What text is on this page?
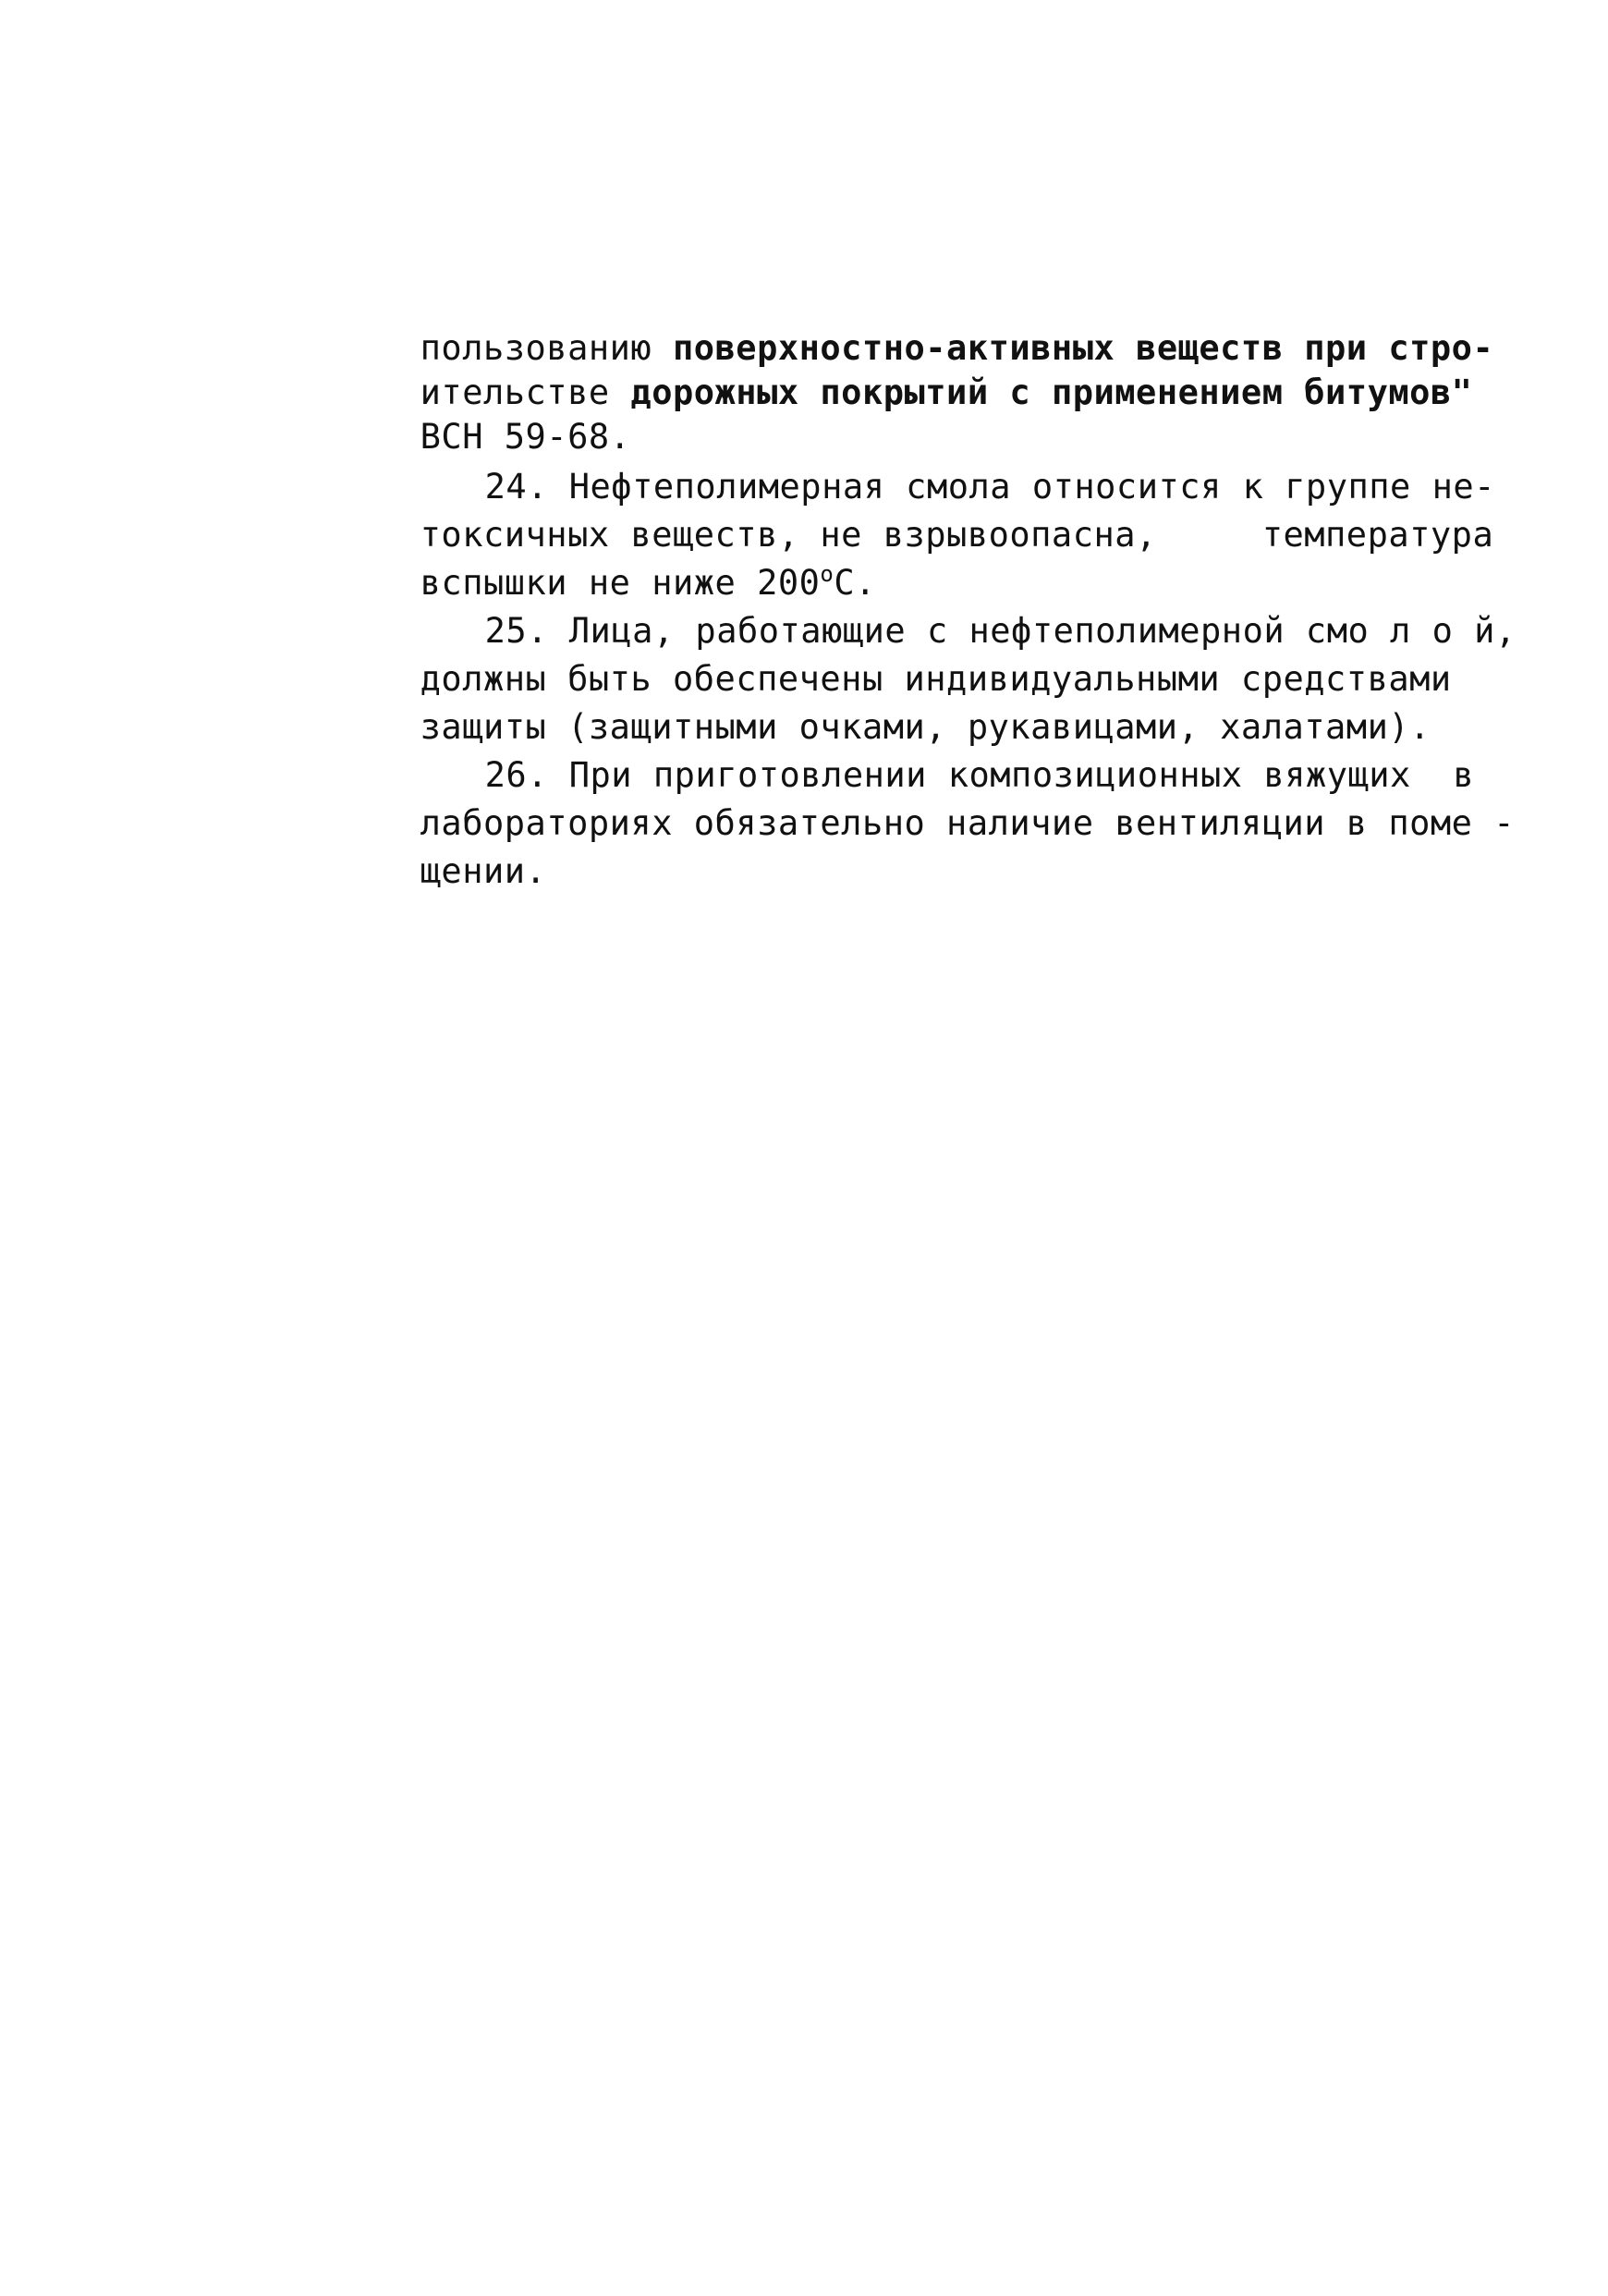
пользованию поверхностно-активных веществ при стро-

ительстве дорожных покрытий с применением битумов"

ВСН 59-68.

24. Нефтеполимерная смола относится к группе не-

токсичных веществ, не взрывоопасна,     температура

вспышки не ниже $200^оС$.

25. Лица, работающие с нефтеполимерной смо л о й,

должны быть обеспечены индивидуальными средствами

защиты (защитными очками, рукавицами, халатами).

26. При приготовлении композиционных вяжущих  в

лабораториях обязательно наличие вентиляции в поме -

щении.
